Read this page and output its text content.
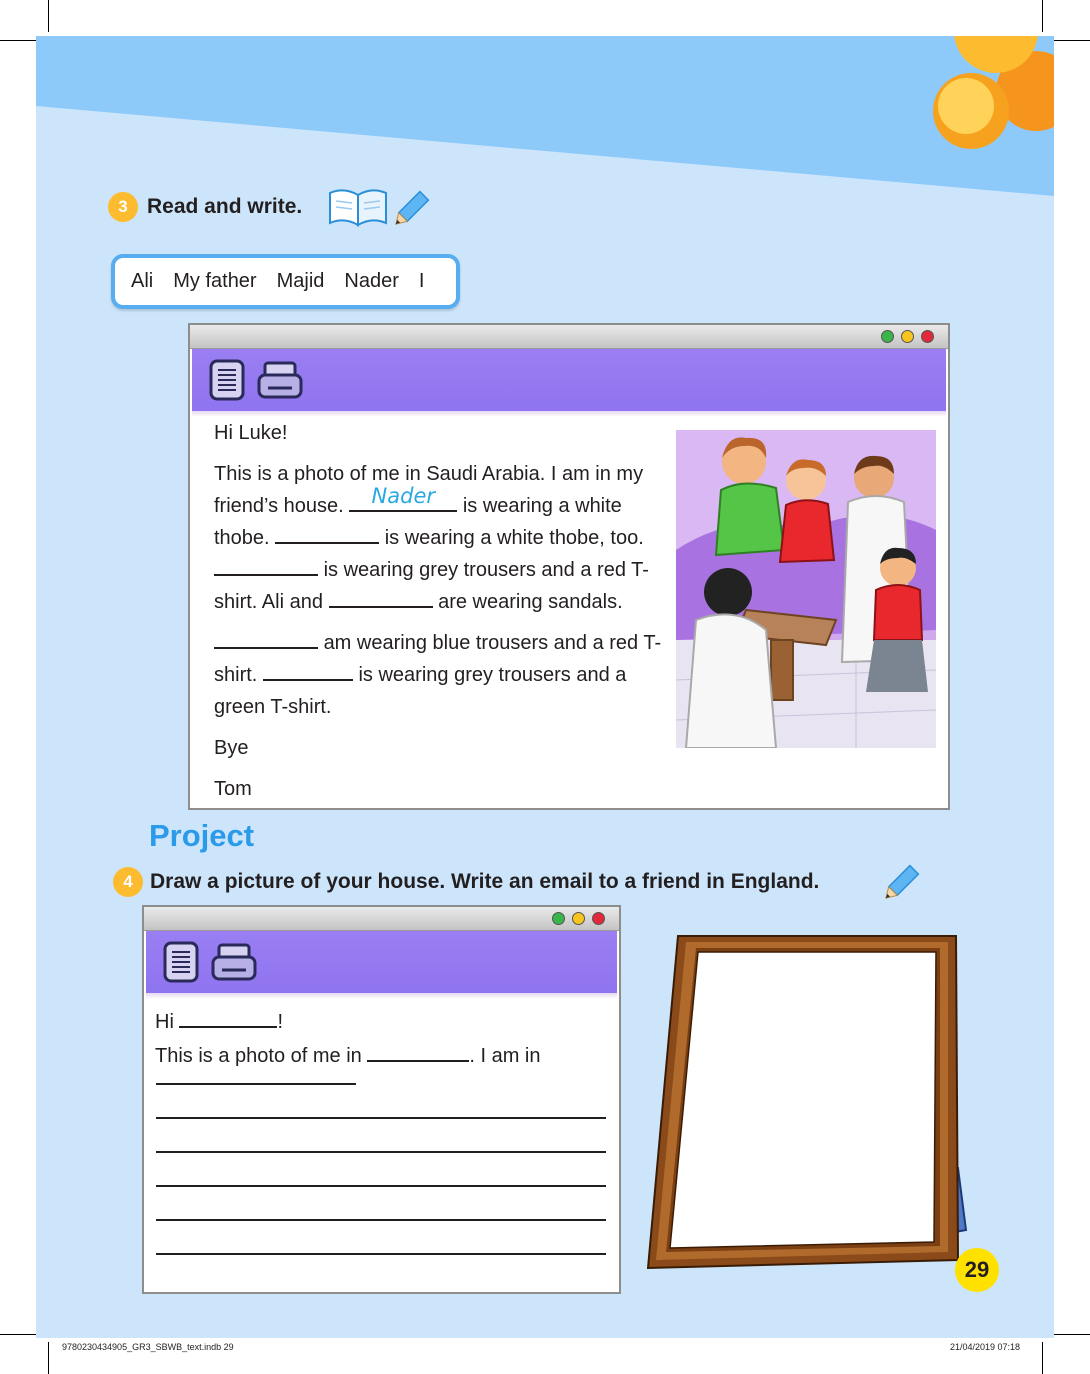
3 Read and write.
Ali My father Majid Nader I

Hi Luke!

This is a photo of me in Saudi Arabia. I am in my friend’s house.	Nader	is wearing a white thobe.	is wearing a white thobe, too.  is wearing grey trousers and a red T-shirt. Ali and	are wearing sandals.

am wearing blue trousers and a red T-shirt.	is wearing grey trousers and a green T-shirt.

Bye

Tom

Project
4 Draw a picture of your house. Write an email to a friend in England.

Hi	!

This is a photo of me in	. I am in

29
9780230434905_GR3_SBWB_text.indb 29	21/04/2019 07:18
